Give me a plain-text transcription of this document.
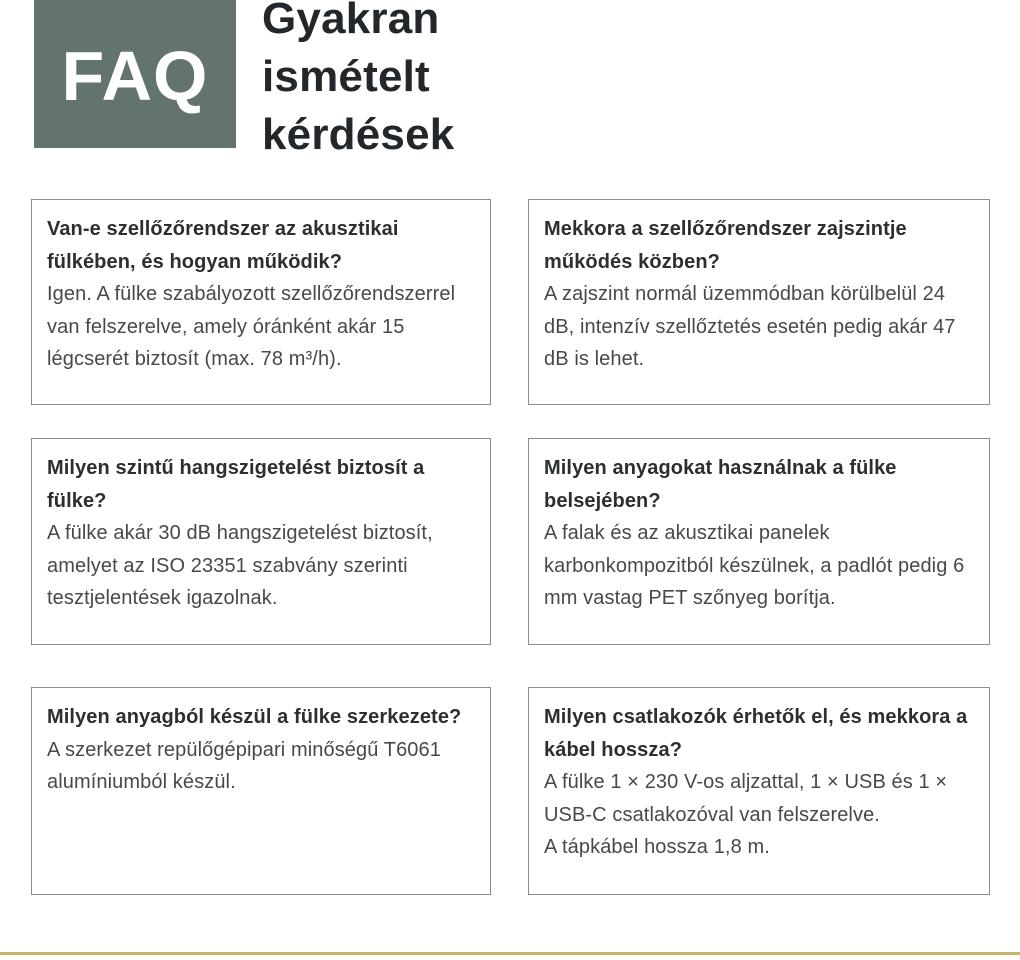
FAQ
Gyakran
ismételt
kérdések

Van-e szellőzőrendszer az akusztikai fülkében, és hogyan működik?

Igen. A fülke szabályozott szellőzőrendszerrel van felszerelve, amely óránként akár 15 légcserét biztosít (max. 78 m³/h).

Mekkora a szellőzőrendszer zajszintje működés közben?

A zajszint normál üzemmódban körülbelül 24 dB, intenzív szellőztetés esetén pedig akár 47 dB is lehet.

Milyen szintű hangszigetelést biztosít a fülke?

A fülke akár 30 dB hangszigetelést biztosít, amelyet az ISO 23351 szabvány szerinti tesztjelentések igazolnak.

Milyen anyagokat használnak a fülke belsejében?

A falak és az akusztikai panelek karbonkompozitból készülnek, a padlót pedig 6 mm vastag PET szőnyeg borítja.

Milyen anyagból készül a fülke szerkezete?

A szerkezet repülőgépipari minőségű T6061 alumíniumból készül.

Milyen csatlakozók érhetők el, és mekkora a kábel hossza?

A fülke 1 × 230 V-os aljzattal, 1 × USB és 1 × USB-C csatlakozóval van felszerelve.

A tápkábel hossza 1,8 m.
